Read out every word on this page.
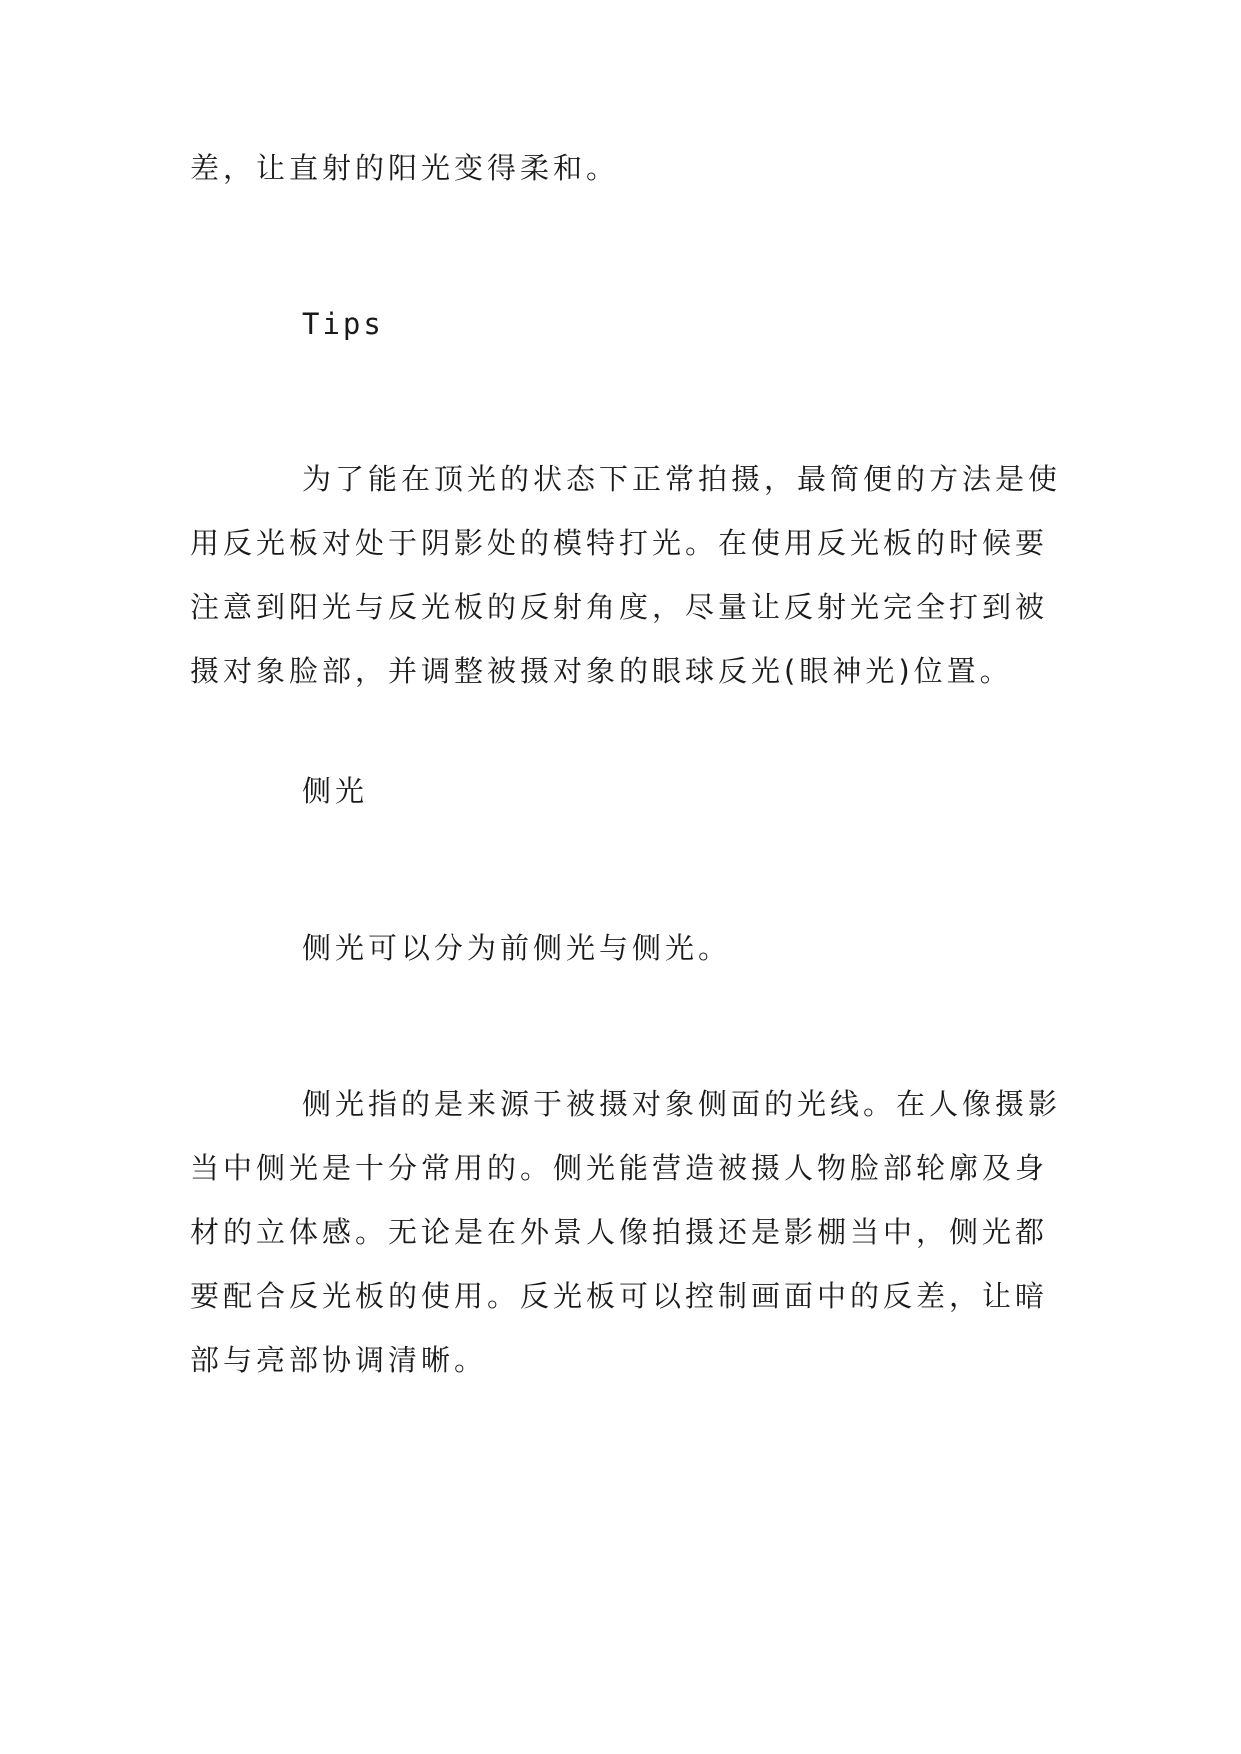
差，让直射的阳光变得柔和。

Tips

为了能在顶光的状态下正常拍摄，最简便的方法是使
用反光板对处于阴影处的模特打光。在使用反光板的时候要
注意到阳光与反光板的反射角度，尽量让反射光完全打到被
摄对象脸部，并调整被摄对象的眼球反光(眼神光)位置。

侧光

侧光可以分为前侧光与侧光。

侧光指的是来源于被摄对象侧面的光线。在人像摄影
当中侧光是十分常用的。侧光能营造被摄人物脸部轮廓及身
材的立体感。无论是在外景人像拍摄还是影棚当中，侧光都
要配合反光板的使用。反光板可以控制画面中的反差，让暗
部与亮部协调清晰。
